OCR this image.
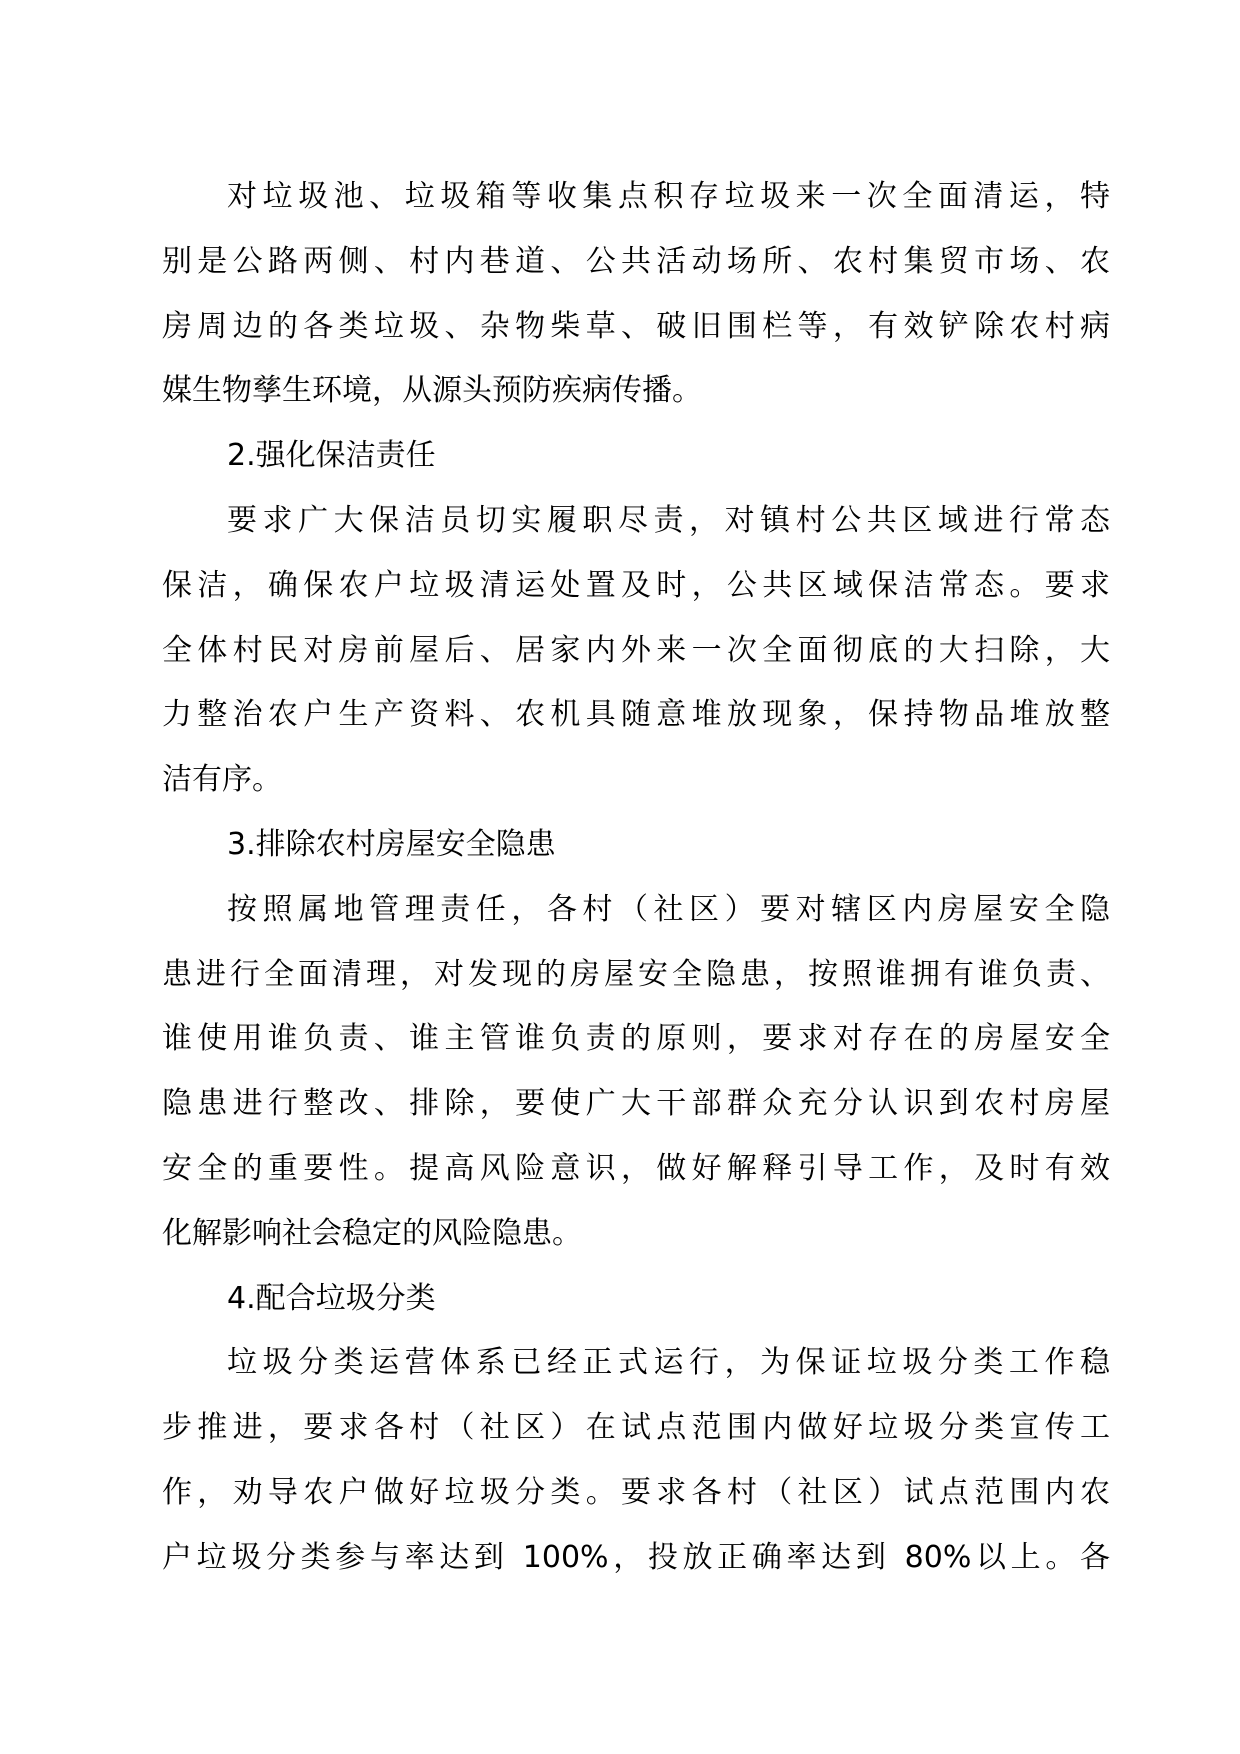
对垃圾池、垃圾箱等收集点积存垃圾来一次全面清运，特
别是公路两侧、村内巷道、公共活动场所、农村集贸市场、农
房周边的各类垃圾、杂物柴草、破旧围栏等，有效铲除农村病
媒生物孳生环境，从源头预防疾病传播。
2.强化保洁责任
要求广大保洁员切实履职尽责，对镇村公共区域进行常态
保洁，确保农户垃圾清运处置及时，公共区域保洁常态。要求
全体村民对房前屋后、居家内外来一次全面彻底的大扫除，大
力整治农户生产资料、农机具随意堆放现象，保持物品堆放整
洁有序。
3.排除农村房屋安全隐患
按照属地管理责任，各村（社区）要对辖区内房屋安全隐
患进行全面清理，对发现的房屋安全隐患，按照谁拥有谁负责、
谁使用谁负责、谁主管谁负责的原则，要求对存在的房屋安全
隐患进行整改、排除，要使广大干部群众充分认识到农村房屋
安全的重要性。提高风险意识，做好解释引导工作，及时有效
化解影响社会稳定的风险隐患。
4.配合垃圾分类
垃圾分类运营体系已经正式运行，为保证垃圾分类工作稳
步推进，要求各村（社区）在试点范围内做好垃圾分类宣传工
作，劝导农户做好垃圾分类。要求各村（社区）试点范围内农
户垃圾分类参与率达到 100%，投放正确率达到 80%以上。各
